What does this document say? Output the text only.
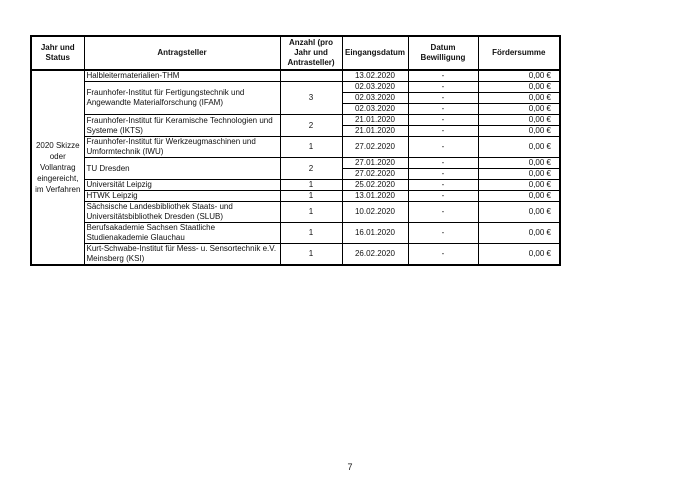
Jahr und Status	Antragsteller	Anzahl (pro Jahr und Antrasteller)	Eingangsdatum	Datum Bewilligung	Fördersumme
2020 Skizze oder Vollantrag eingereicht, im Verfahren	Halbleitermaterialien-THM		13.02.2020	-	0,00 €
	Fraunhofer-Institut für Fertigungstechnik und Angewandte Materialforschung (IFAM)	3	02.03.2020	-	0,00 €
			02.03.2020	-	0,00 €
			02.03.2020	-	0,00 €
	Fraunhofer-Institut für Keramische Technologien und Systeme (IKTS)	2	21.01.2020	-	0,00 €
			21.01.2020	-	0,00 €
	Fraunhofer-Institut für Werkzeugmaschinen und Umformtechnik (IWU)	1	27.02.2020	-	0,00 €
	TU Dresden	2	27.01.2020	-	0,00 €
			27.02.2020	-	0,00 €
	Universität Leipzig	1	25.02.2020	-	0,00 €
	HTWK Leipzig	1	13.01.2020	-	0,00 €
	Sächsische Landesbibliothek Staats- und Universitätsbibliothek Dresden (SLUB)	1	10.02.2020	-	0,00 €
	Berufsakademie Sachsen Staatliche Studienakademie Glauchau	1	16.01.2020	-	0,00 €
	Kurt-Schwabe-Institut für Mess- u. Sensortechnik e.V. Meinsberg (KSI)	1	26.02.2020	-	0,00 €
7
